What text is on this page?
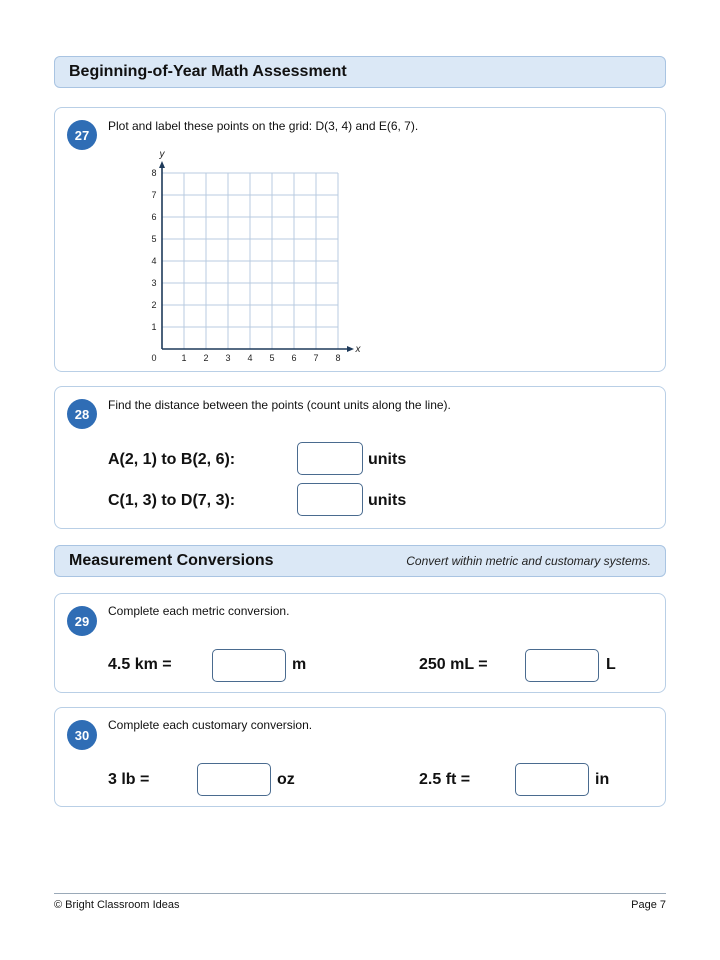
Beginning-of-Year Math Assessment
27
Plot and label these points on the grid: D(3, 4) and E(6, 7).
1 2 3 4 5 6 7 8
1
2
3
4
5
6
7
8
0
x
y
28
Find the distance between the points (count units along the line).
A(2, 1) to B(2, 6):	units
C(1, 3) to D(7, 3):	units
Measurement Conversions	Convert within metric and customary systems.
29
Complete each metric conversion.
4.5 km =	m	250 mL =	L
30
Complete each customary conversion.
3 lb =	oz	2.5 ft =	in
© Bright Classroom Ideas	Page 7
